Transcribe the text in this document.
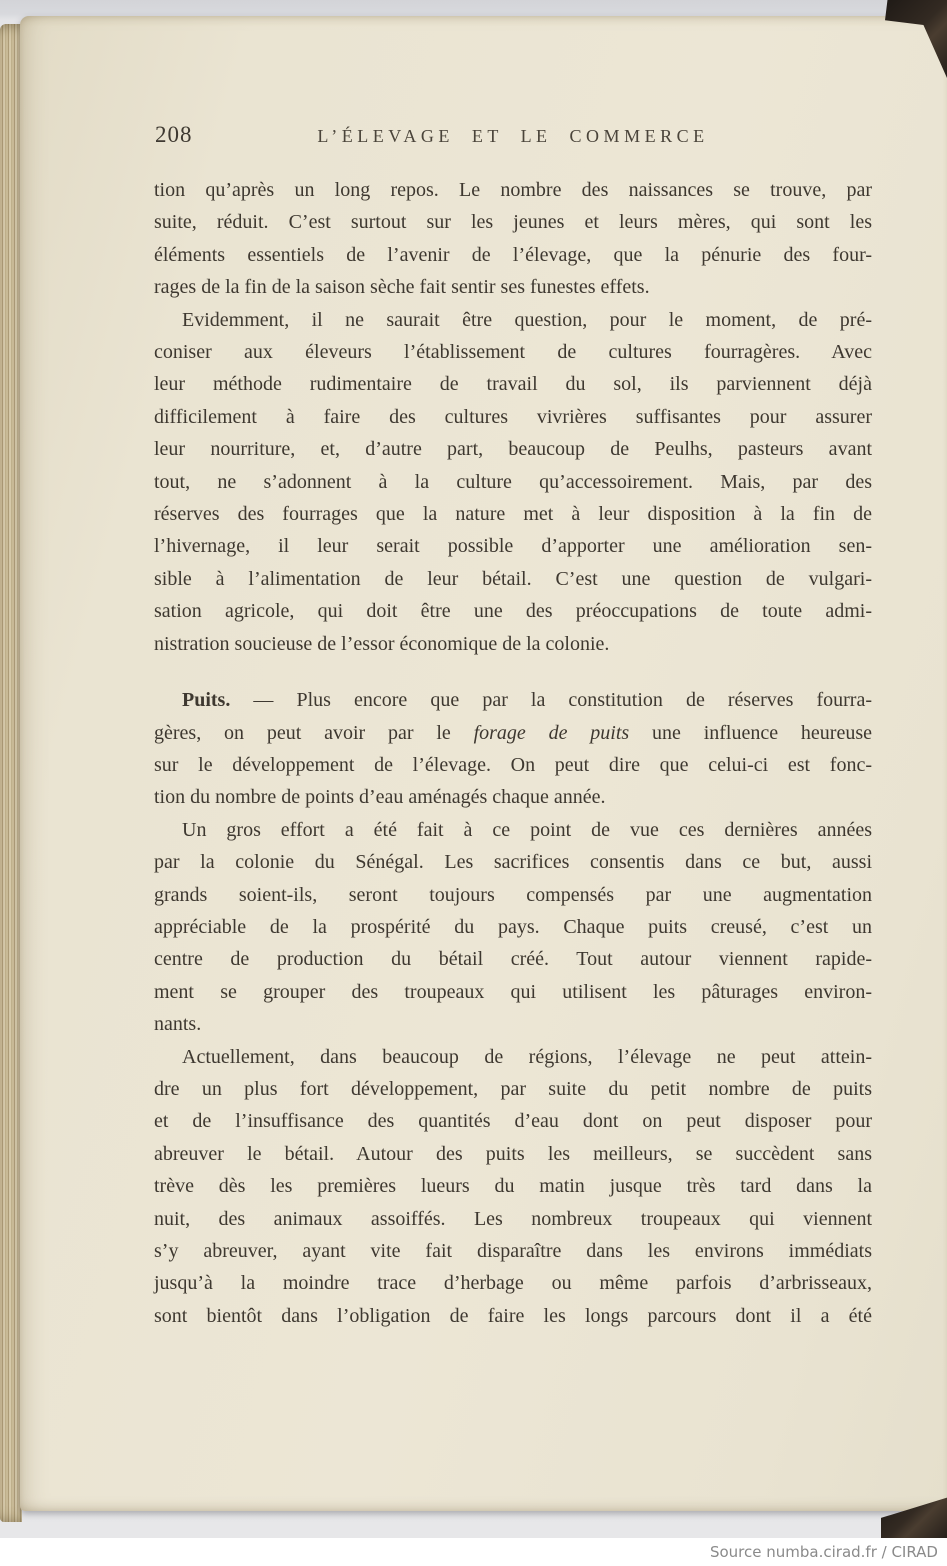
208	L’ÉLEVAGE ET LE COMMERCE
tion qu’après un long repos. Le nombre des naissances se trouve, par
suite, réduit. C’est surtout sur les jeunes et leurs mères, qui sont les
éléments essentiels de l’avenir de l’élevage, que la pénurie des four-
rages de la fin de la saison sèche fait sentir ses funestes effets.
Evidemment, il ne saurait être question, pour le moment, de pré-
coniser aux éleveurs l’établissement de cultures fourragères. Avec
leur méthode rudimentaire de travail du sol, ils parviennent déjà
difficilement à faire des cultures vivrières suffisantes pour assurer
leur nourriture, et, d’autre part, beaucoup de Peulhs, pasteurs avant
tout, ne s’adonnent à la culture qu’accessoirement. Mais, par des
réserves des fourrages que la nature met à leur disposition à la fin de
l’hivernage, il leur serait possible d’apporter une amélioration sen-
sible à l’alimentation de leur bétail. C’est une question de vulgari-
sation agricole, qui doit être une des préoccupations de toute admi-
nistration soucieuse de l’essor économique de la colonie.
Puits. — Plus encore que par la constitution de réserves fourra-
gères, on peut avoir par le forage de puits une influence heureuse
sur le développement de l’élevage. On peut dire que celui-ci est fonc-
tion du nombre de points d’eau aménagés chaque année.
Un gros effort a été fait à ce point de vue ces dernières années
par la colonie du Sénégal. Les sacrifices consentis dans ce but, aussi
grands soient-ils, seront toujours compensés par une augmentation
appréciable de la prospérité du pays. Chaque puits creusé, c’est un
centre de production du bétail créé. Tout autour viennent rapide-
ment se grouper des troupeaux qui utilisent les pâturages environ-
nants.
Actuellement, dans beaucoup de régions, l’élevage ne peut attein-
dre un plus fort développement, par suite du petit nombre de puits
et de l’insuffisance des quantités d’eau dont on peut disposer pour
abreuver le bétail. Autour des puits les meilleurs, se succèdent sans
trève dès les premières lueurs du matin jusque très tard dans la
nuit, des animaux assoiffés. Les nombreux troupeaux qui viennent
s’y abreuver, ayant vite fait disparaître dans les environs immédiats
jusqu’à la moindre trace d’herbage ou même parfois d’arbrisseaux,
sont bientôt dans l’obligation de faire les longs parcours dont il a été
Source numba.cirad.fr / CIRAD
